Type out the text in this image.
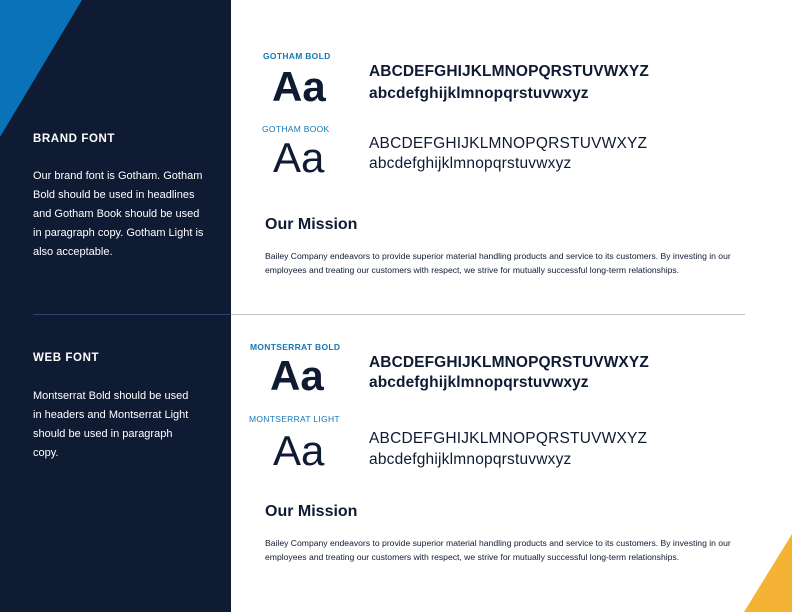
BRAND FONT

Our brand font is Gotham. Gotham Bold should be used in headlines and Gotham Book should be used in paragraph copy. Gotham Light is also acceptable.

WEB FONT

Montserrat Bold should be used in headers and Montserrat Light should be used in paragraph copy.

GOTHAM BOLD
Aa	ABCDEFGHIJKLMNOPQRSTUVWXYZ
abcdefghijklmnopqrstuvwxyz
GOTHAM BOOK
Aa	ABCDEFGHIJKLMNOPQRSTUVWXYZ
abcdefghijklmnopqrstuvwxyz

Our Mission

Bailey Company endeavors to provide superior material handling products and service to its customers. By investing in our employees and treating our customers with respect, we strive for mutually successful long-term relationships.

MONTSERRAT BOLD
Aa	ABCDEFGHIJKLMNOPQRSTUVWXYZ
abcdefghijklmnopqrstuvwxyz
MONTSERRAT LIGHT
Aa	ABCDEFGHIJKLMNOPQRSTUVWXYZ
abcdefghijklmnopqrstuvwxyz

Our Mission

Bailey Company endeavors to provide superior material handling products and service to its customers. By investing in our employees and treating our customers with respect, we strive for mutually successful long-term relationships.
